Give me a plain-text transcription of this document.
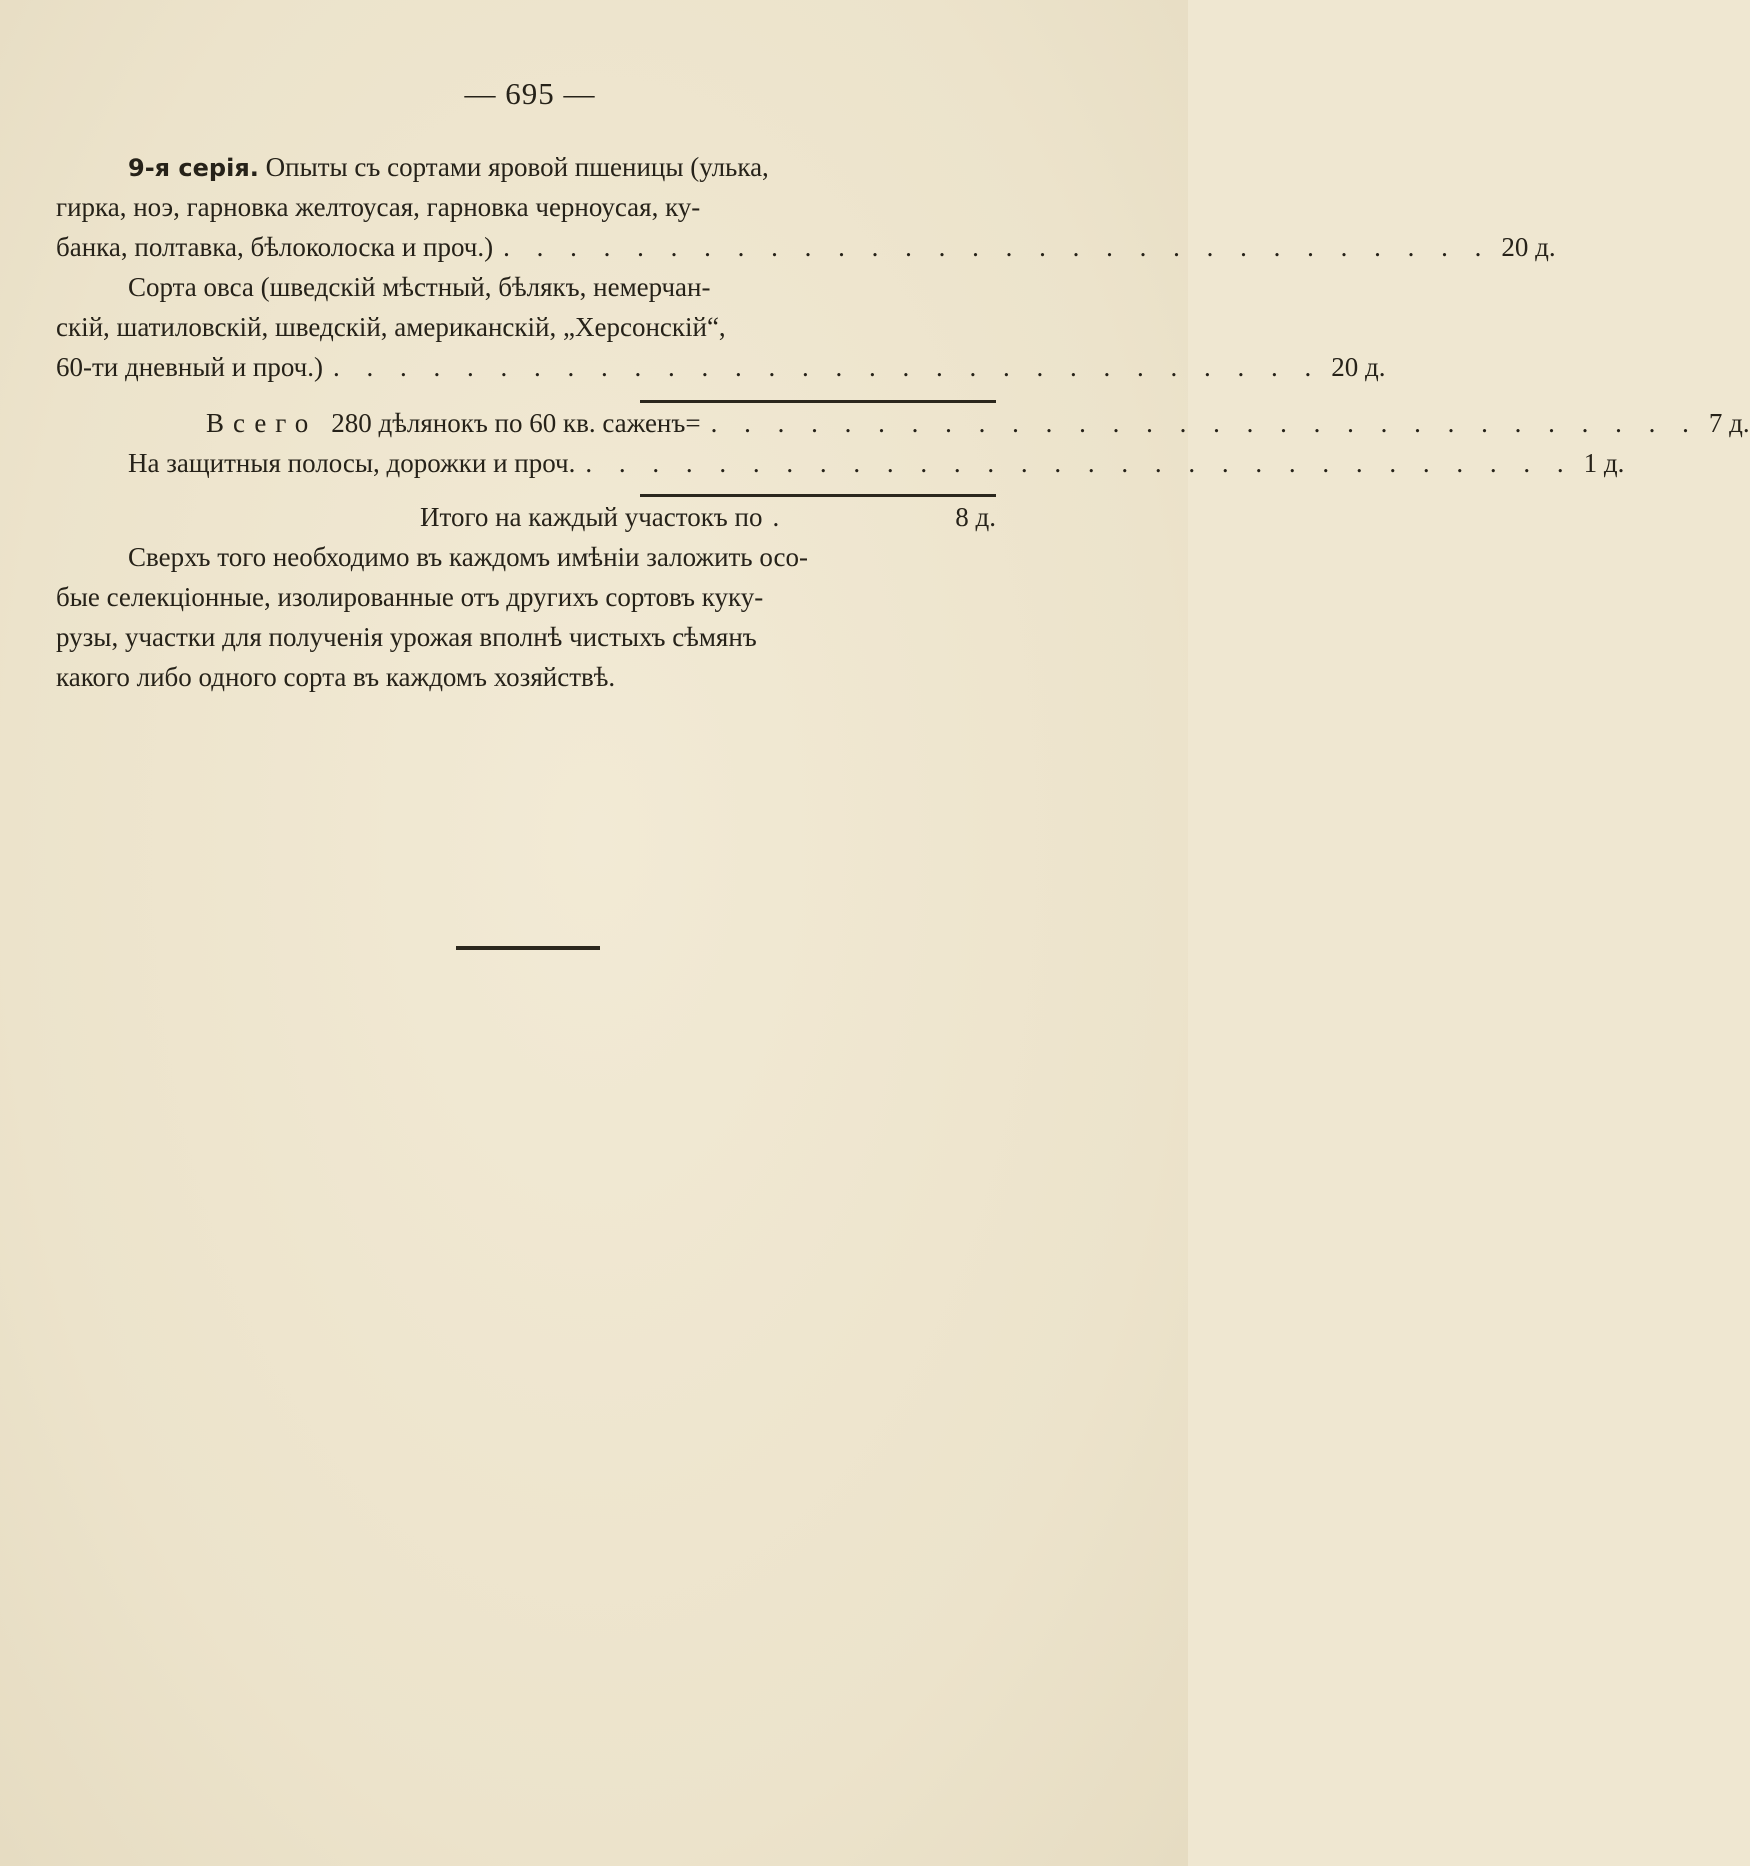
— 695 —
9-я серія. Опыты съ сортами яровой пшеницы (улька,
гирка, ноэ, гарновка желтоусая, гарновка черноусая, ку-
банка, полтавка, бѣлоколоска и проч.) . . . . . . . . . . . . . . . . . . . . . . . . . . . . . . 20 д.
Сорта овса (шведскій мѣстный, бѣлякъ, немерчан-
скій, шатиловскій, шведскій, американскій, „Херсонскій“,
60-ти дневный и проч.) . . . . . . . . . . . . . . . . . . . . . . . . . . . . . . 20 д.
Всего 280 дѣлянокъ по 60 кв. саженъ= . . . . . . . . . . . . . . . . . . . . . . . . . . . . . . 7 д.
На защитныя полосы, дорожки и проч. . . . . . . . . . . . . . . . . . . . . . . . . . . . . . . 1 д.
Итого на каждый участокъ по .	8 д.
Сверхъ того необходимо въ каждомъ имѣніи заложить осо-
бые селекціонные, изолированные отъ другихъ сортовъ куку-
рузы, участки для полученія урожая вполнѣ чистыхъ сѣмянъ
какого либо одного сорта въ каждомъ хозяйствѣ.
